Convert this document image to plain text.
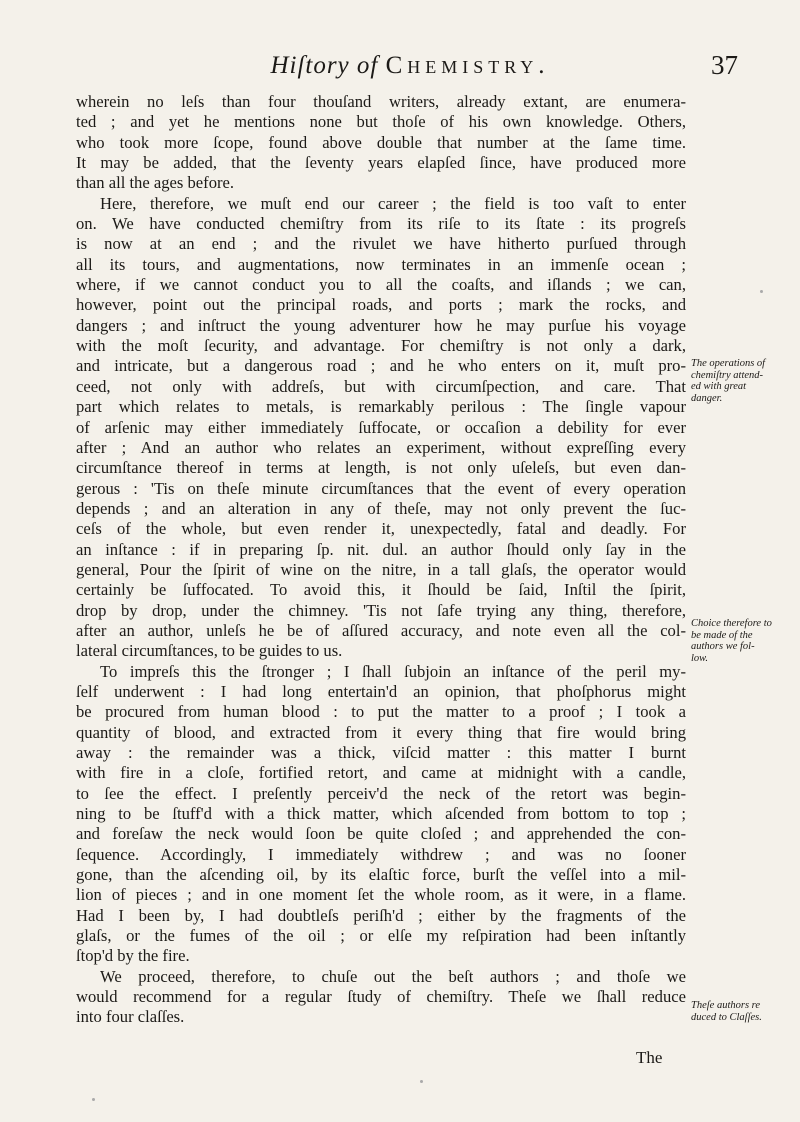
Hiſtory of Chemistry.	37
wherein no leſs than four thouſand writers, already extant, are enumera-
ted ; and yet he mentions none but thoſe of his own knowledge. Others,
who took more ſcope, found above double that number at the ſame time.
It may be added, that the ſeventy years elapſed ſince, have produced more
than all the ages before.
Here, therefore, we muſt end our career ; the field is too vaſt to enter
on. We have conducted chemiſtry from its riſe to its ſtate : its progreſs
is now at an end ; and the rivulet we have hitherto purſued through
all its tours, and augmentations, now terminates in an immenſe ocean ;
where, if we cannot conduct you to all the coaſts, and iſlands ; we can,
however, point out the principal roads, and ports ; mark the rocks, and
dangers ; and inſtruct the young adventurer how he may purſue his voyage
with the moſt ſecurity, and advantage. For chemiſtry is not only a dark,
and intricate, but a dangerous road ; and he who enters on it, muſt pro-
ceed, not only with addreſs, but with circumſpection, and care. That
part which relates to metals, is remarkably perilous : The ſingle vapour
of arſenic may either immediately ſuffocate, or occaſion a debility for ever
after ; And an author who relates an experiment, without expreſſing every
circumſtance thereof in terms at length, is not only uſeleſs, but even dan-
gerous : 'Tis on theſe minute circumſtances that the event of every operation
depends ; and an alteration in any of theſe, may not only prevent the ſuc-
ceſs of the whole, but even render it, unexpectedly, fatal and deadly. For
an inſtance : if in preparing ſp. nit. dul. an author ſhould only ſay in the
general, Pour the ſpirit of wine on the nitre, in a tall glaſs, the operator would
certainly be ſuffocated. To avoid this, it ſhould be ſaid, Inſtil the ſpirit,
drop by drop, under the chimney. 'Tis not ſafe trying any thing, therefore,
after an author, unleſs he be of aſſured accuracy, and note even all the col-
lateral circumſtances, to be guides to us.
To impreſs this the ſtronger ; I ſhall ſubjoin an inſtance of the peril my-
ſelf underwent : I had long entertain'd an opinion, that phoſphorus might
be procured from human blood : to put the matter to a proof ; I took a
quantity of blood, and extracted from it every thing that fire would bring
away : the remainder was a thick, viſcid matter : this matter I burnt
with fire in a cloſe, fortified retort, and came at midnight with a candle,
to ſee the effect. I preſently perceiv'd the neck of the retort was begin-
ning to be ſtuff'd with a thick matter, which aſcended from bottom to top ;
and foreſaw the neck would ſoon be quite cloſed ; and apprehended the con-
ſequence. Accordingly, I immediately withdrew ; and was no ſooner
gone, than the aſcending oil, by its elaſtic force, burſt the veſſel into a mil-
lion of pieces ; and in one moment ſet the whole room, as it were, in a flame.
Had I been by, I had doubtleſs periſh'd ; either by the fragments of the
glaſs, or the fumes of the oil ; or elſe my reſpiration had been inſtantly
ſtop'd by the fire.
We proceed, therefore, to chuſe out the beſt authors ; and thoſe we
would recommend for a regular ſtudy of chemiſtry. Theſe we ſhall reduce
into four claſſes.
The operations of
chemiſtry attend-
ed with great
danger.
Choice therefore to
be made of the
authors we fol-
low.
Theſe authors re
duced to Claſſes.
The
